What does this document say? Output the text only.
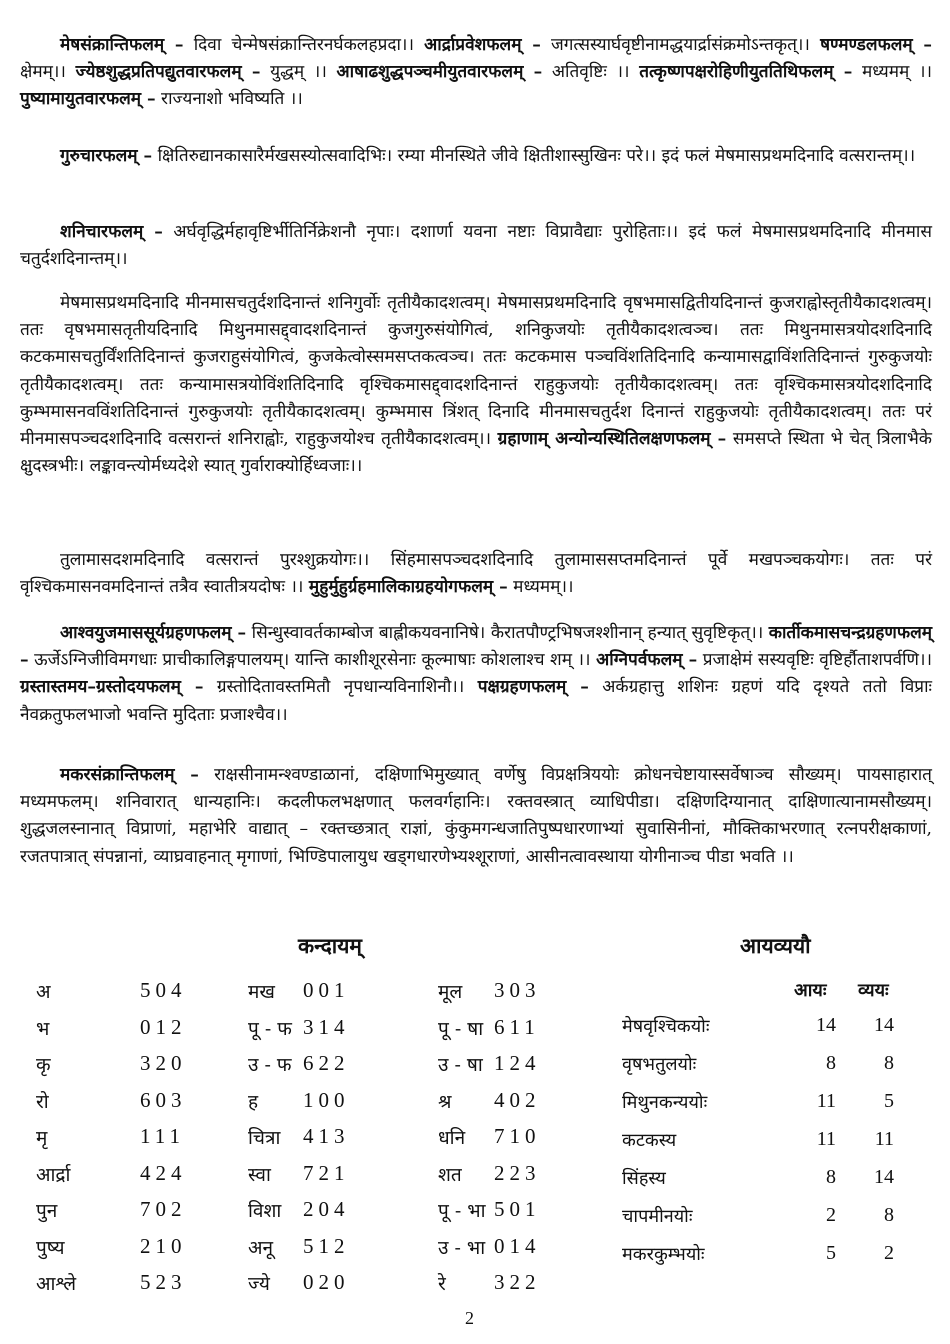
मेषसंक्रान्तिफलम् – दिवा चेन्मेषसंक्रान्तिरनर्घकलहप्रदा।। आर्द्राप्रवेशफलम् – जगत्सस्यार्घवृष्टीनामद्धयार्द्रासंक्रमोऽन्तकृत्।। षण्मण्डलफलम् – क्षेमम्।। ज्येष्ठशुद्धप्रतिपद्युतवारफलम् – युद्धम् ।। आषाढशुद्धपञ्चमीयुतवारफलम् – अतिवृष्टिः ।। तत्कृष्णपक्षरोहिणीयुततिथिफलम् – मध्यमम् ।। पुष्यामायुतवारफलम् – राज्यनाशो भविष्यति ।।
गुरुचारफलम् – क्षितिरुद्यानकासारैर्मखसस्योत्सवादिभिः। रम्या मीनस्थिते जीवे क्षितीशास्सुखिनः परे।। इदं फलं मेषमासप्रथमदिनादि वत्सरान्तम्।।
शनिचारफलम् – अर्घवृद्धिर्महावृष्टिर्भीतिर्निक्रेशनौ नृपाः। दशार्णा यवना नष्टाः विप्रावैद्याः पुरोहिताः।। इदं फलं मेषमासप्रथमदिनादि मीनमास चतुर्दशदिनान्तम्।।
मेषमासप्रथमदिनादि मीनमासचतुर्दशदिनान्तं शनिगुर्वोः तृतीयैकादशत्वम्। मेषमासप्रथमदिनादि वृषभमासद्वितीयदिनान्तं कुजराह्वोस्तृतीयैकादशत्वम्। ततः वृषभमासतृतीयदिनादि मिथुनमासद्द्वादशदिनान्तं कुजगुरुसंयोगित्वं, शनिकुजयोः तृतीयैकादशत्वञ्च। ततः मिथुनमासत्रयोदशदिनादि कटकमासचतुर्विंशतिदिनान्तं कुजराहुसंयोगित्वं, कुजकेत्वोस्समसप्तकत्वञ्च। ततः कटकमास पञ्चविंशतिदिनादि कन्यामासद्वाविंशतिदिनान्तं गुरुकुजयोः तृतीयैकादशत्वम्। ततः कन्यामासत्रयोविंशतिदिनादि वृश्चिकमासद्द्वादशदिनान्तं राहुकुजयोः तृतीयैकादशत्वम्। ततः वृश्चिकमासत्रयोदशदिनादि कुम्भमासनवविंशतिदिनान्तं गुरुकुजयोः तृतीयैकादशत्वम्। कुम्भमास त्रिंशत् दिनादि मीनमासचतुर्दश दिनान्तं राहुकुजयोः तृतीयैकादशत्वम्। ततः परं मीनमासपञ्चदशदिनादि वत्सरान्तं शनिराह्वोः, राहुकुजयोश्च तृतीयैकादशत्वम्।। ग्रहाणाम् अन्योन्यस्थितिलक्षणफलम् – समसप्ते स्थिता भे चेत् त्रिलाभैके क्षुदस्त्रभीः। लङ्कावन्त्योर्मध्यदेशे स्यात् गुर्वाराक्योर्हिध्वजाः।।
तुलामासदशमदिनादि वत्सरान्तं पुरश्शुक्रयोगः।। सिंहमासपञ्चदशदिनादि तुलामाससप्तमदिनान्तं पूर्वे मखपञ्चकयोगः। ततः परं वृश्चिकमासनवमदिनान्तं तत्रैव स्वातीत्रयदोषः ।। मुहुर्मुहुर्ग्रहमालिकाग्रहयोगफलम् – मध्यमम्।।
आश्वयुजमाससूर्यग्रहणफलम् – सिन्धुस्वावर्तकाम्बोज बाह्लीकयवनानिषे। कैरातपौण्ट्रभिषजश्शीनान् हन्यात् सुवृष्टिकृत्।। कार्तीकमासचन्द्रग्रहणफलम् – ऊर्जेऽग्निजीविमगधाः प्राचीकालिङ्गपालयम्। यान्ति काशीशूरसेनाः कूल्माषाः कोशलाश्च शम् ।। अग्निपर्वफलम् – प्रजाक्षेमं सस्यवृष्टिः वृष्टिर्हौताशपर्वणि।। ग्रस्तास्तमय–ग्रस्तोदयफलम् – ग्रस्तोदितावस्तमितौ नृपधान्यविनाशिनौ।। पक्षग्रहणफलम् – अर्कग्रहात्तु शशिनः ग्रहणं यदि दृश्यते ततो विप्राः नैवक्रतुफलभाजो भवन्ति मुदिताः प्रजाश्चैव।।
मकरसंक्रान्तिफलम् – राक्षसीनामन्श्वण्डाळानां, दक्षिणाभिमुख्यात् वर्णेषु विप्रक्षत्रिययोः क्रोधनचेष्टायास्सर्वेषाञ्च सौख्यम्। पायसाहारात् मध्यमफलम्। शनिवारात् धान्यहानिः। कदलीफलभक्षणात् फलवर्गहानिः। रक्तवस्त्रात् व्याधिपीडा। दक्षिणदिग्यानात् दाक्षिणात्यानामसौख्यम्। शुद्धजलस्नानात् विप्राणां, महाभेरि वाद्यात् – रक्तच्छत्रात् राज्ञां, कुंकुमगन्धजातिपुष्पधारणाभ्यां सुवासिनीनां, मौक्तिकाभरणात् रत्नपरीक्षकाणां, रजतपात्रात् संपन्नानां, व्याघ्रवाहनात् मृगाणां, भिण्डिपालायुध खड्गधारणेभ्यश्शूराणां, आसीनत्वावस्थाया योगीनाञ्च पीडा भवति ।।
कन्दायम्
अ	504	मख 001	मूल 303
भ	012	पू - फ 314	पू - षा 611
कृ	320	उ - फ 622	उ - षा 124
रो	603	ह 100	श्र 402
मृ	111	चित्रा 413	धनि 710
आर्द्रा	424	स्वा 721	शत 223
पुन	702	विशा 204	पू - भा 501
पुष्य	210	अनू 512	उ - भा 014
आश्ले	523	ज्ये 020	रे 322
आयव्ययौ
आयः व्ययः
मेषवृश्चिकयोः	14	14
वृषभतुलयोः	8	8
मिथुनकन्ययोः	11	5
कटकस्य	11	11
सिंहस्य	8	14
चापमीनयोः	2	8
मकरकुम्भयोः	5	2
2
